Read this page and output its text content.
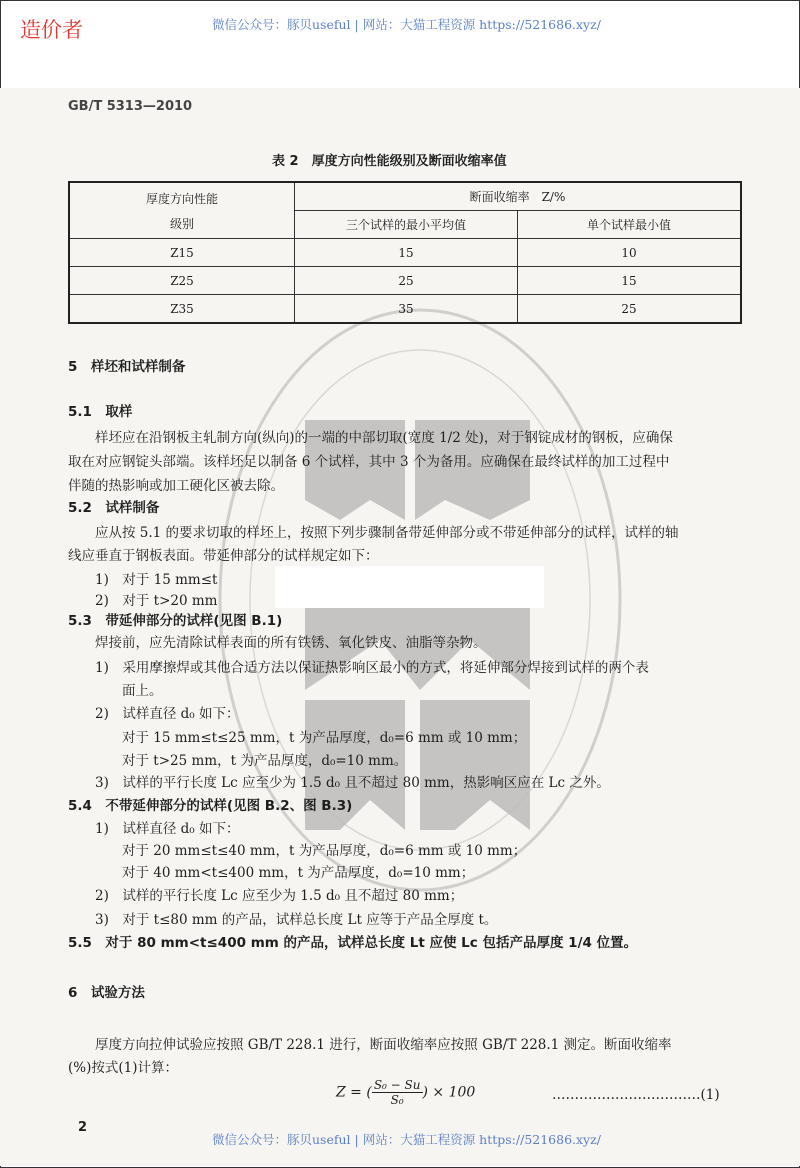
造价者	微信公众号：豚贝useful | 网站：大猫工程资源 https://521686.xyz/
GB/T 5313—2010
表 2　厚度方向性能级别及断面收缩率值
厚度方向性能
级别	断面收缩率　Z/%	
	三个试样的最小平均值	单个试样最小值
Z15	15	10
Z25	25	15
Z35	35	25
5　样坯和试样制备
5.1　取样
　　样坯应在沿钢板主轧制方向(纵向)的一端的中部切取(宽度 1/2 处)，对于钢锭成材的钢板，应确保
取在对应钢锭头部端。该样坯足以制备 6 个试样，其中 3 个为备用。应确保在最终试样的加工过程中
伴随的热影响或加工硬化区被去除。
5.2　试样制备
　　应从按 5.1 的要求切取的样坯上，按照下列步骤制备带延伸部分或不带延伸部分的试样，试样的轴
线应垂直于钢板表面。带延伸部分的试样规定如下：
　　1)　对于 15 mm≤t
　　2)　对于 t>20 mm
5.3　带延伸部分的试样(见图 B.1)
　　焊接前，应先清除试样表面的所有铁锈、氧化铁皮、油脂等杂物。
　　1)　采用摩擦焊或其他合适方法以保证热影响区最小的方式，将延伸部分焊接到试样的两个表
　　　　面上。
　　2)　试样直径 d₀ 如下：
　　　　对于 15 mm≤t≤25 mm，t 为产品厚度，d₀=6 mm 或 10 mm；
　　　　对于 t>25 mm，t 为产品厚度，d₀=10 mm。
　　3)　试样的平行长度 Lc 应至少为 1.5 d₀ 且不超过 80 mm，热影响区应在 Lc 之外。
5.4　不带延伸部分的试样(见图 B.2、图 B.3)
　　1)　试样直径 d₀ 如下：
　　　　对于 20 mm≤t≤40 mm，t 为产品厚度，d₀=6 mm 或 10 mm；
　　　　对于 40 mm<t≤400 mm，t 为产品厚度，d₀=10 mm；
　　2)　试样的平行长度 Lc 应至少为 1.5 d₀ 且不超过 80 mm；
　　3)　对于 t≤80 mm 的产品，试样总长度 Lt 应等于产品全厚度 t。
5.5　对于 80 mm<t≤400 mm 的产品，试样总长度 Lt 应使 Lc 包括产品厚度 1/4 位置。
6　试验方法
　　厚度方向拉伸试验应按照 GB/T 228.1 进行，断面收缩率应按照 GB/T 228.1 测定。断面收缩率
(%)按式(1)计算：
Z = ( $\frac{\text{S₀ − Su}}{\text{S₀}}$ ) × 100	……………………………(1)
2
微信公众号：豚贝useful | 网站：大猫工程资源 https://521686.xyz/
